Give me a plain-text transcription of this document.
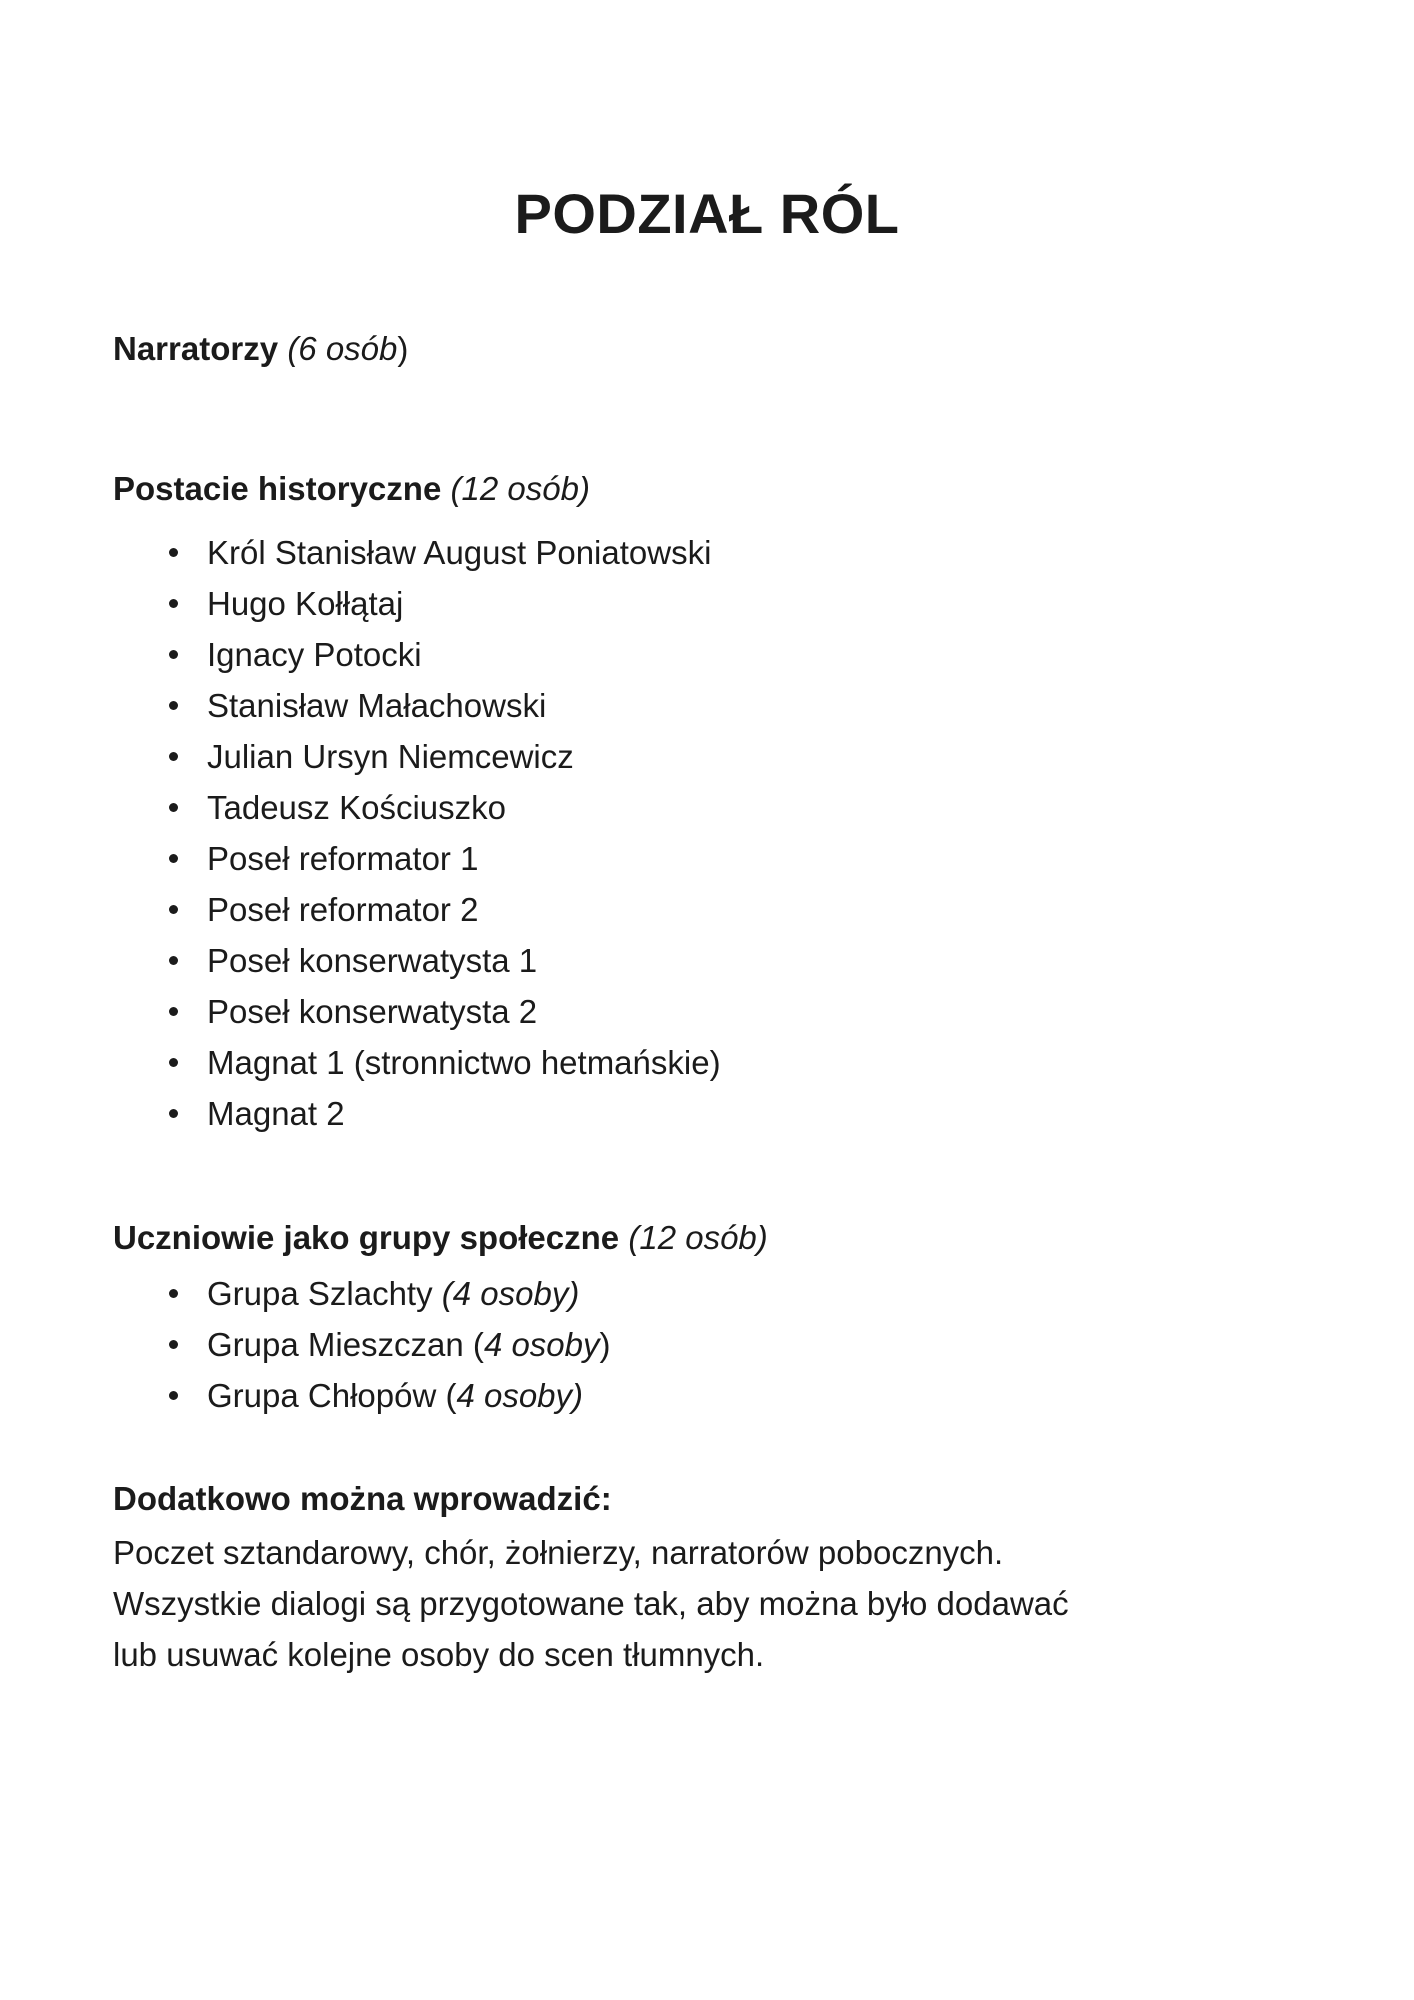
PODZIAŁ RÓL
Narratorzy (6 osób)
Postacie historyczne (12 osób)
Król Stanisław August Poniatowski
Hugo Kołłątaj
Ignacy Potocki
Stanisław Małachowski
Julian Ursyn Niemcewicz
Tadeusz Kościuszko
Poseł reformator 1
Poseł reformator 2
Poseł konserwatysta 1
Poseł konserwatysta 2
Magnat 1 (stronnictwo hetmańskie)
Magnat 2
Uczniowie jako grupy społeczne (12 osób)
Grupa Szlachty (4 osoby)
Grupa Mieszczan (4 osoby)
Grupa Chłopów (4 osoby)
Dodatkowo można wprowadzić:
Poczet sztandarowy, chór, żołnierzy, narratorów pobocznych.
Wszystkie dialogi są przygotowane tak, aby można było dodawać
lub usuwać kolejne osoby do scen tłumnych.
